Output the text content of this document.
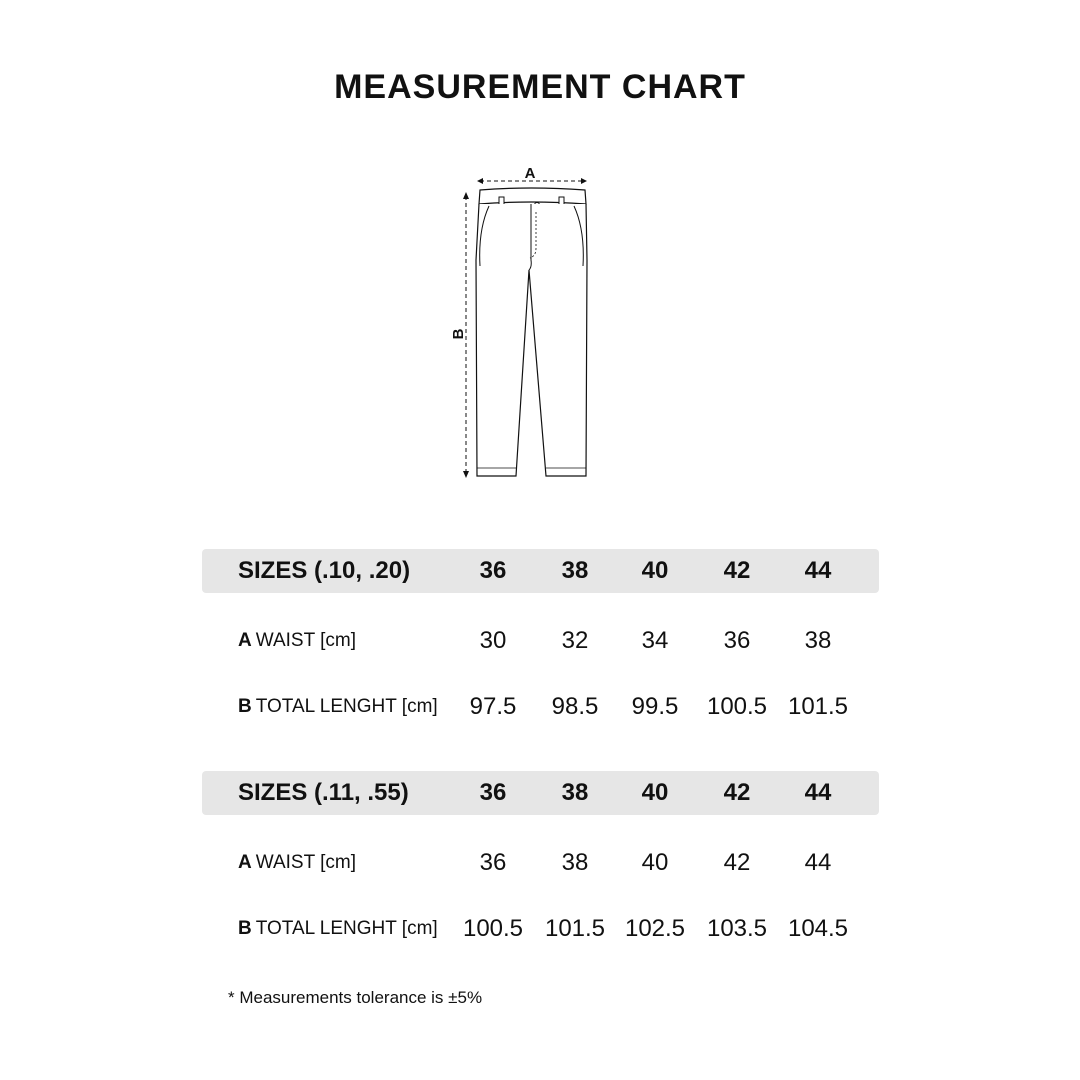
MEASUREMENT CHART
A
B
SIZES (.10, .20)	36	38	40	42	44
A WAIST [cm]	30	32	34	36	38
B TOTAL LENGHT [cm]	97.5	98.5	99.5	100.5 101.5
SIZES (.11, .55)	36	38	40	42	44
A WAIST [cm]	36	38	40	42	44
B TOTAL LENGHT [cm]	100.5 101.5 102.5 103.5 104.5
* Measurements tolerance is ±5%
